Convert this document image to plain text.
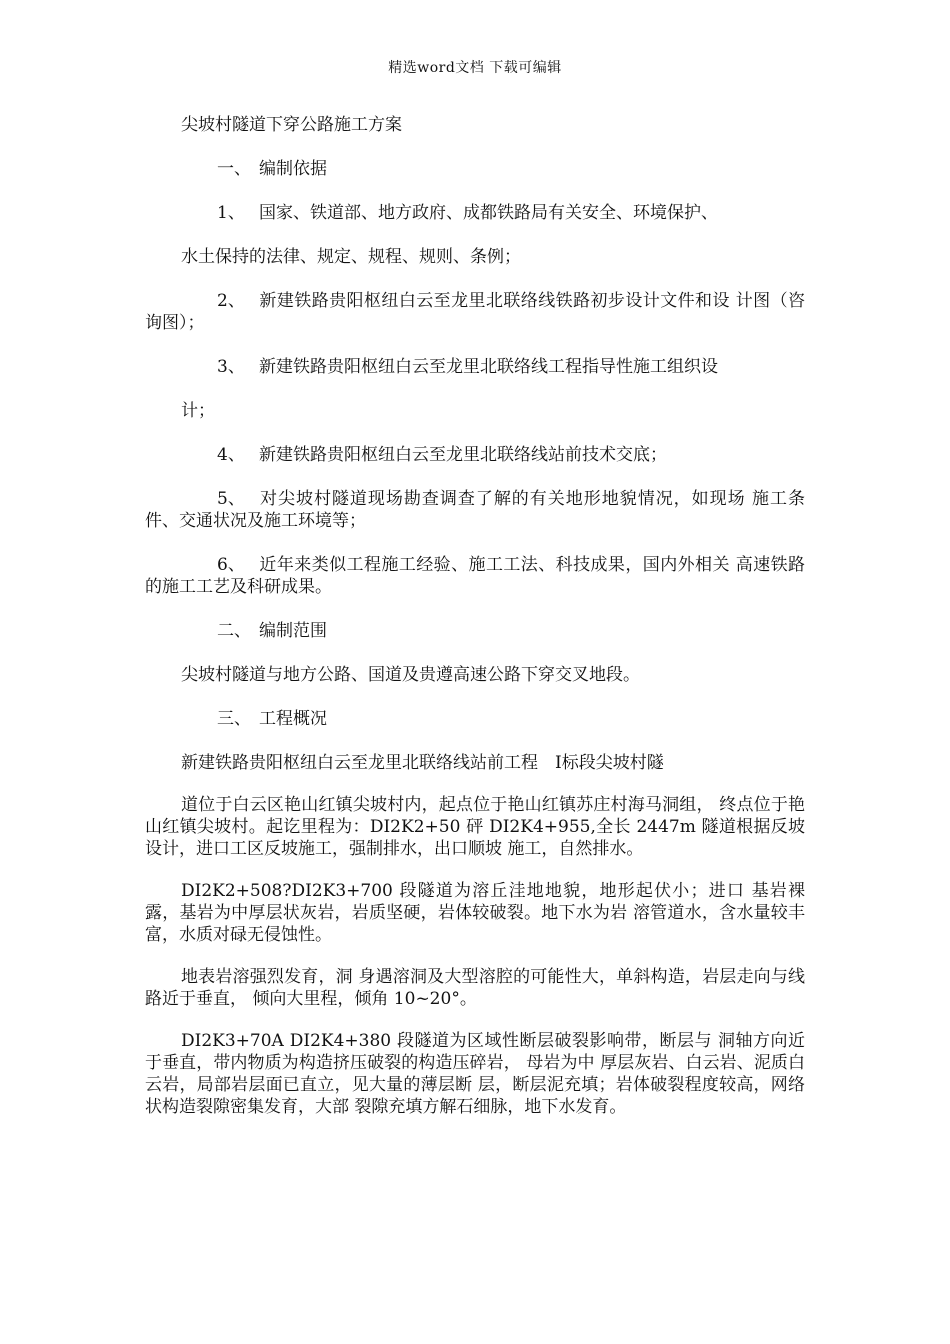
精选word文档 下载可编辑

尖坡村隧道下穿公路施工方案

一、 编制依据

1、 国家、铁道部、地方政府、成都铁路局有关安全、环境保护、

水土保持的法律、规定、规程、规则、条例；

2、 新建铁路贵阳枢纽白云至龙里北联络线铁路初步设计文件和设 计图（咨询图）；

3、 新建铁路贵阳枢纽白云至龙里北联络线工程指导性施工组织设

计；

4、 新建铁路贵阳枢纽白云至龙里北联络线站前技术交底；

5、 对尖坡村隧道现场勘查调查了解的有关地形地貌情况，如现场 施工条件、交通状况及施工环境等；

6、 近年来类似工程施工经验、施工工法、科技成果，国内外相关 高速铁路的施工工艺及科研成果。

二、 编制范围

尖坡村隧道与地方公路、国道及贵遵高速公路下穿交叉地段。

三、 工程概况

新建铁路贵阳枢纽白云至龙里北联络线站前工程　I标段尖坡村隧

道位于白云区艳山红镇尖坡村内，起点位于艳山红镇苏庄村海马洞组， 终点位于艳山红镇尖坡村。起讫里程为：DI2K2+50 砰 DI2K4+955,全长 2447m 隧道根据反坡设计，进口工区反坡施工，强制排水，出口顺坡 施工，自然排水。

DI2K2+508?DI2K3+700 段隧道为溶丘洼地地貌，地形起伏小；进口 基岩裸露，基岩为中厚层状灰岩，岩质坚硬，岩体较破裂。地下水为岩 溶管道水，含水量较丰富，水质对碌无侵蚀性。

地表岩溶强烈发育，洞 身遇溶洞及大型溶腔的可能性大，单斜构造，岩层走向与线路近于垂直， 倾向大里程，倾角 10~20°。

DI2K3+70A DI2K4+380 段隧道为区域性断层破裂影响带，断层与 洞轴方向近于垂直，带内物质为构造挤压破裂的构造压碎岩， 母岩为中 厚层灰岩、白云岩、泥质白云岩，局部岩层面已直立，见大量的薄层断 层，断层泥充填；岩体破裂程度较高，网络状构造裂隙密集发育，大部 裂隙充填方解石细脉，地下水发育。
